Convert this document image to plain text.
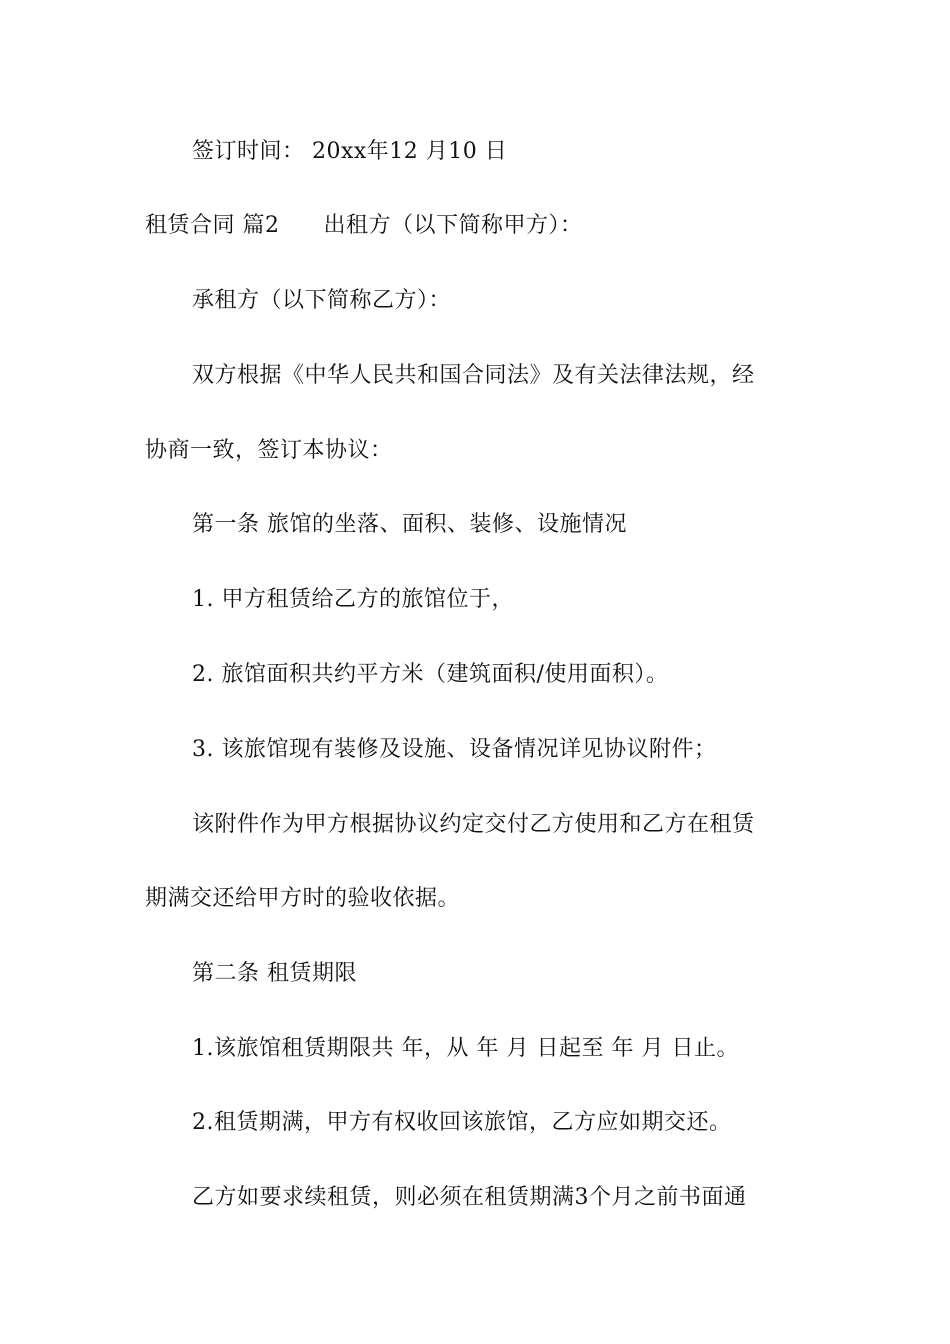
签订时间： 20xx年12 月10 日
租赁合同 篇2 出租方（以下简称甲方）：
承租方（以下简称乙方）：
双方根据《中华人民共和国合同法》及有关法律法规，经
协商一致，签订本协议：
第一条 旅馆的坐落、面积、装修、设施情况
1. 甲方租赁给乙方的旅馆位于，
2. 旅馆面积共约平方米（建筑面积/使用面积）。
3. 该旅馆现有装修及设施、设备情况详见协议附件；
该附件作为甲方根据协议约定交付乙方使用和乙方在租赁
期满交还给甲方时的验收依据。
第二条 租赁期限
1.该旅馆租赁期限共 年，从 年 月 日起至 年 月 日止。
2.租赁期满，甲方有权收回该旅馆，乙方应如期交还。
乙方如要求续租赁，则必须在租赁期满3个月之前书面通
